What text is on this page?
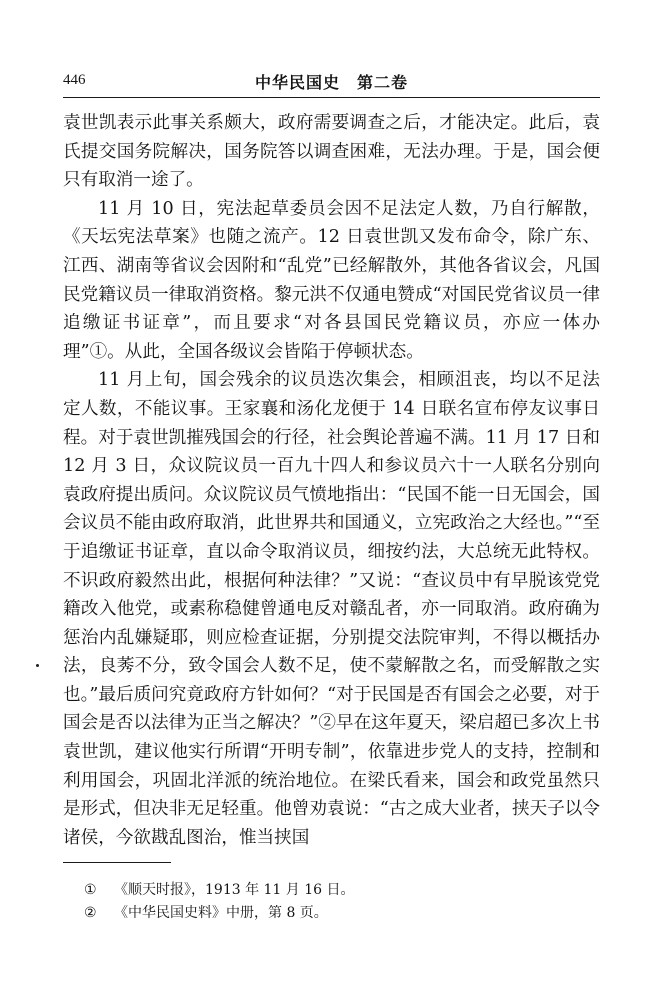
446	中华民国史　第二卷

袁世凯表示此事关系颇大，政府需要调查之后，才能决定。此后，袁氏提交国务院解决，国务院答以调查困难，无法办理。于是，国会便只有取消一途了。

11 月 10 日，宪法起草委员会因不足法定人数，乃自行解散，《天坛宪法草案》也随之流产。12 日袁世凯又发布命令，除广东、江西、湖南等省议会因附和“乱党”已经解散外，其他各省议会，凡国民党籍议员一律取消资格。黎元洪不仅通电赞成“对国民党省议员一律追缴证书证章”，而且要求“对各县国民党籍议员，亦应一体办理”①。从此，全国各级议会皆陷于停顿状态。

11 月上旬，国会残余的议员迭次集会，相顾沮丧，均以不足法定人数，不能议事。王家襄和汤化龙便于 14 日联名宣布停友议事日程。对于袁世凯摧残国会的行径，社会舆论普遍不满。11 月 17 日和 12 月 3 日，众议院议员一百九十四人和参议员六十一人联名分别向袁政府提出质问。众议院议员气愤地指出：“民国不能一日无国会，国会议员不能由政府取消，此世界共和国通义，立宪政治之大经也。”“至于追缴证书证章，直以命令取消议员，细按约法，大总统无此特权。不识政府毅然出此，根据何种法律？”又说：“查议员中有早脱该党党籍改入他党，或素称稳健曾通电反对赣乱者，亦一同取消。政府确为惩治内乱嫌疑耶，则应检查证据，分别提交法院审判，不得以概括办法，良莠不分，致令国会人数不足，使不蒙解散之名，而受解散之实也。”最后质问究竟政府方针如何？“对于民国是否有国会之必要，对于国会是否以法律为正当之解决？”②早在这年夏天，梁启超已多次上书袁世凯，建议他实行所谓“开明专制”，依靠进步党人的支持，控制和利用国会，巩固北洋派的统治地位。在梁氏看来，国会和政党虽然只是形式，但决非无足轻重。他曾劝袁说：“古之成大业者，挟天子以令诸侯，今欲戡乱图治，惟当挟国

① 《顺天时报》，1913 年 11 月 16 日。
② 《中华民国史料》中册，第 8 页。
